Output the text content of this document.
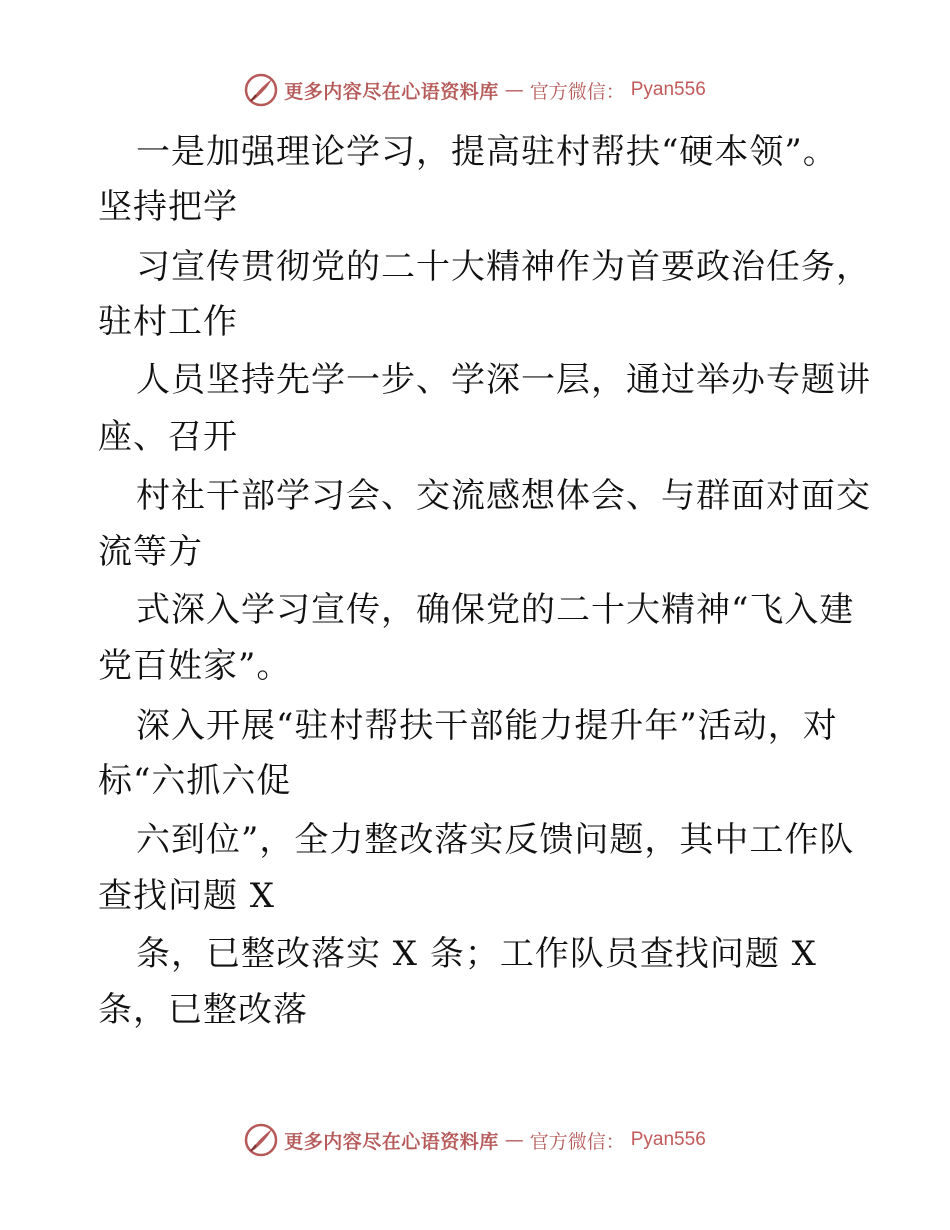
更多内容尽在心语资料库 — 官方微信： Pyan556
一是加强理论学习，提高驻村帮扶“硬本领”。
坚持把学
习宣传贯彻党的二十大精神作为首要政治任务，
驻村工作
人员坚持先学一步、学深一层，通过举办专题讲
座、召开
村社干部学习会、交流感想体会、与群面对面交
流等方
式深入学习宣传，确保党的二十大精神“飞入建
党百姓家”。
深入开展“驻村帮扶干部能力提升年”活动，对
标“六抓六促
六到位”，全力整改落实反馈问题，其中工作队
查找问题 X
条，已整改落实 X 条；工作队员查找问题 X
条，已整改落
更多内容尽在心语资料库 — 官方微信： Pyan556
